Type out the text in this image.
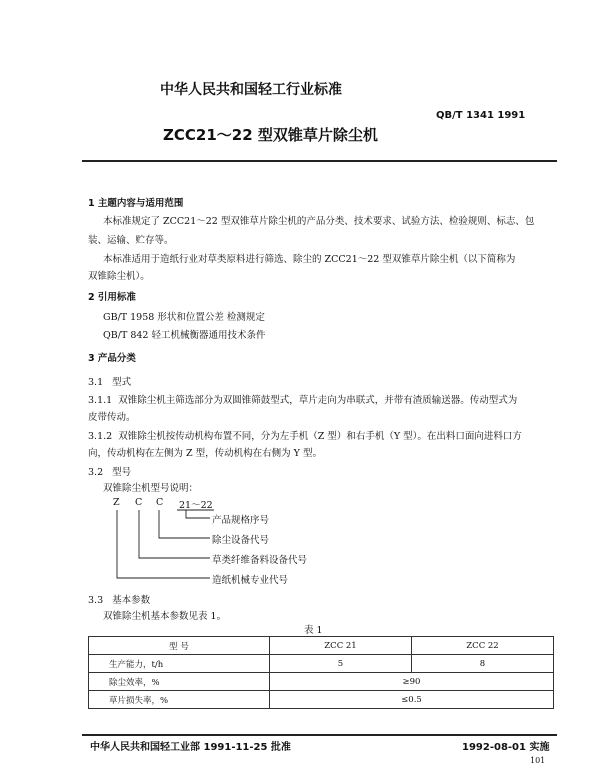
中华人民共和国轻工行业标准
QB/T 1341 1991
ZCC21～22 型双锥草片除尘机
1 主题内容与适用范围
本标准规定了 ZCC21～22 型双锥草片除尘机的产品分类、技术要求、试验方法、检验规则、标志、包
装、运输、贮存等。
本标准适用于造纸行业对草类原料进行筛选、除尘的 ZCC21～22 型双锥草片除尘机（以下简称为
双锥除尘机）。
2 引用标准
GB/T 1958 形状和位置公差 检测规定
QB/T 842 轻工机械衡器通用技术条件
3 产品分类
3.1 型式
3.1.1 双锥除尘机主筛选部分为双圆锥筛鼓型式，草片走向为串联式，并带有渣质输送器。传动型式为
皮带传动。
3.1.2 双锥除尘机按传动机构布置不同，分为左手机（Z 型）和右手机（Y 型）。在出料口面向进料口方
向，传动机构在左侧为 Z 型，传动机构在右侧为 Y 型。
3.2 型号
双锥除尘机型号说明：
Z C C 21～22
产品规格序号
除尘设备代号
草类纤维备料设备代号
造纸机械专业代号
3.3 基本参数
双锥除尘机基本参数见表 1。
表 1
型 号	ZCC 21	ZCC 22
生产能力，t/h	5	8
除尘效率，%	≥90	
草片损失率，%	≤0.5	
中华人民共和国轻工业部 1991-11-25 批准	1992-08-01 实施
101
